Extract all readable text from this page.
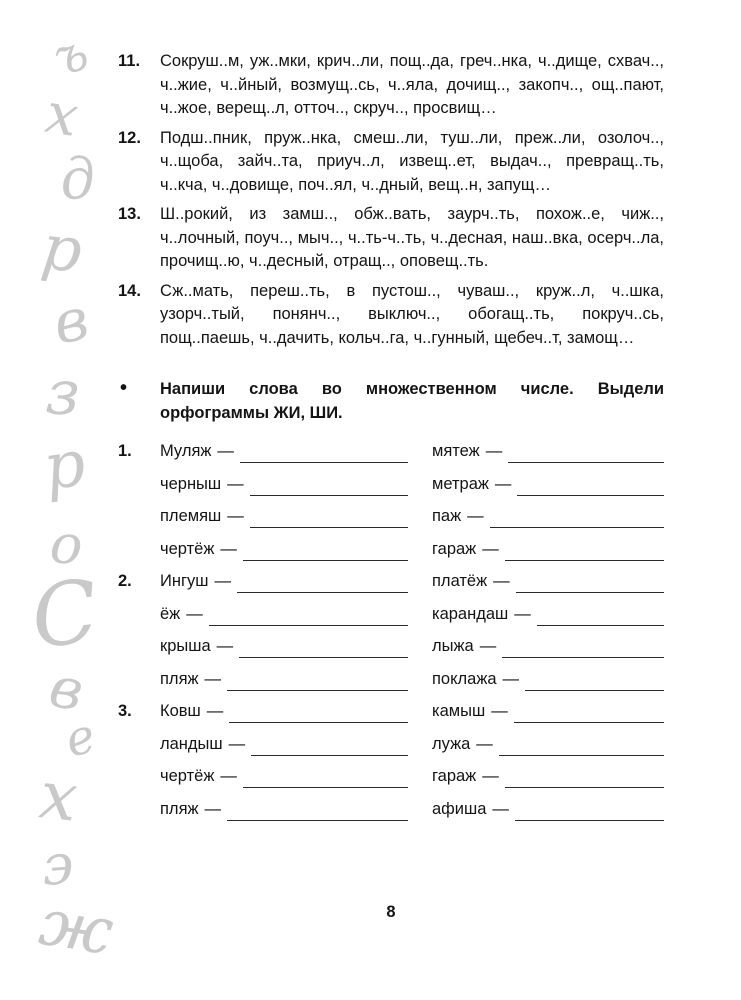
ъ
х
д
р
в
з
р
о
С
в
е
х
э
ж
11. Сокруш..м, уж..мки, крич..ли, пощ..да, греч..нка, ч..дище, схвач.., ч..жие, ч..йный, возмущ..сь, ч..яла, дочищ.., закопч.., ощ..пают, ч..жое, верещ..л, отточ.., скруч.., просвищ…
12. Подш..пник, пруж..нка, смеш..ли, туш..ли, преж..ли, озолоч.., ч..щоба, зайч..та, приуч..л, извещ..ет, выдач.., превращ..ть, ч..кча, ч..довище, поч..ял, ч..дный, вещ..н, запущ…
13. Ш..рокий, из замш.., обж..вать, заурч..ть, похож..е, чиж.., ч..лочный, поуч.., мыч.., ч..ть-ч..ть, ч..десная, наш..вка, осерч..ла, прочищ..ю, ч..десный, отращ.., оповещ..ть.
14. Сж..мать, переш..ть, в пустош.., чуваш.., круж..л, ч..шка, узорч..тый, понянч.., выключ.., обогащ..ть, покруч..сь, пощ..паешь, ч..дачить, кольч..га, ч..гунный, щебеч..т, замощ…
• Напиши слова во множественном числе. Выдели орфограммы ЖИ, ШИ.
1. Муляж —	мятеж —
черныш —	метраж —
племяш —	паж —
чертёж —	гараж —
2. Ингуш —	платёж —
ёж —	карандаш —
крыша —	лыжа —
пляж —	поклажа —
3. Ковш —	камыш —
ландыш —	лужа —
чертёж —	гараж —
пляж —	афиша —
8
